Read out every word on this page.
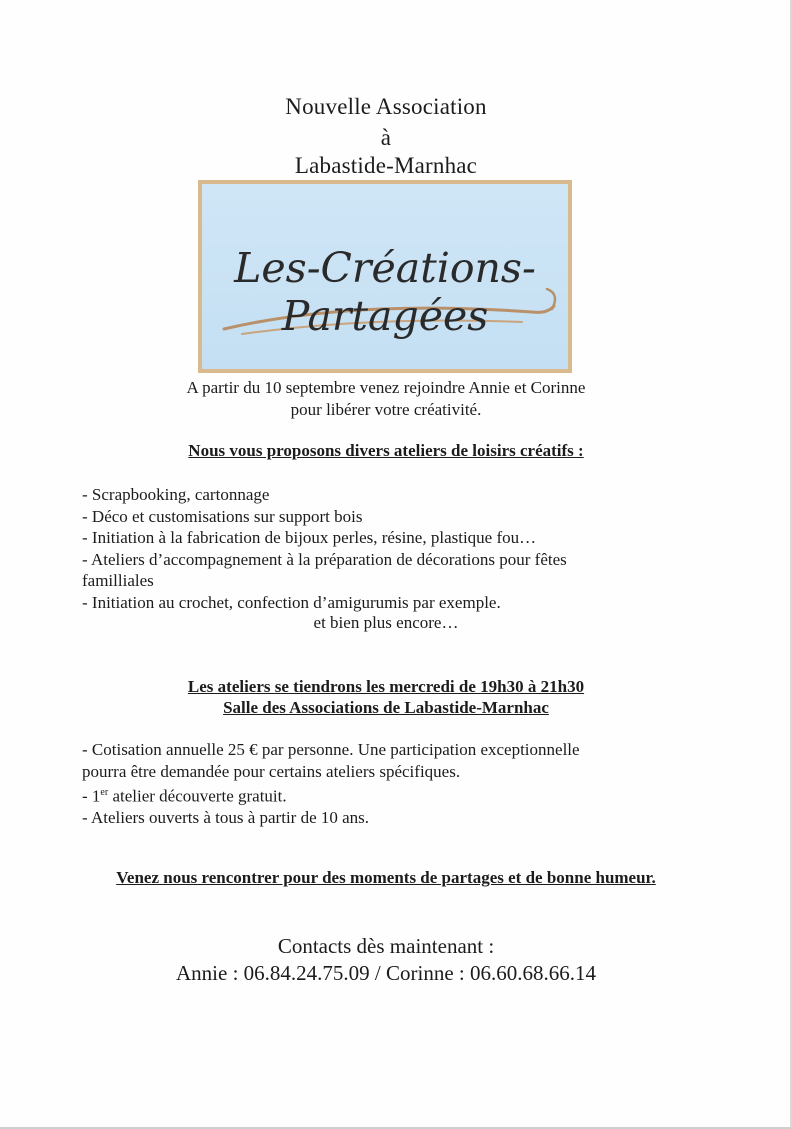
Nouvelle Association
à
Labastide-Marnhac
Les-Créations-Partagées
A partir du 10 septembre venez rejoindre Annie et Corinne
pour libérer votre créativité.
Nous vous proposons divers ateliers de loisirs créatifs :
- Scrapbooking, cartonnage
- Déco et customisations sur support bois
- Initiation à la fabrication de bijoux perles, résine, plastique fou…
- Ateliers d’accompagnement à la préparation de décorations pour fêtes
familliales
- Initiation au crochet, confection d’amigurumis par exemple.
et bien plus encore…
Les ateliers se tiendrons les mercredi de 19h30 à 21h30
Salle des Associations de Labastide-Marnhac
- Cotisation annuelle 25 € par personne. Une participation exceptionnelle
pourra être demandée pour certains ateliers spécifiques.
- 1er atelier découverte gratuit.
- Ateliers ouverts à tous à partir de 10 ans.
Venez nous rencontrer pour des moments de partages et de bonne humeur.
Contacts dès maintenant :
Annie : 06.84.24.75.09 / Corinne : 06.60.68.66.14
